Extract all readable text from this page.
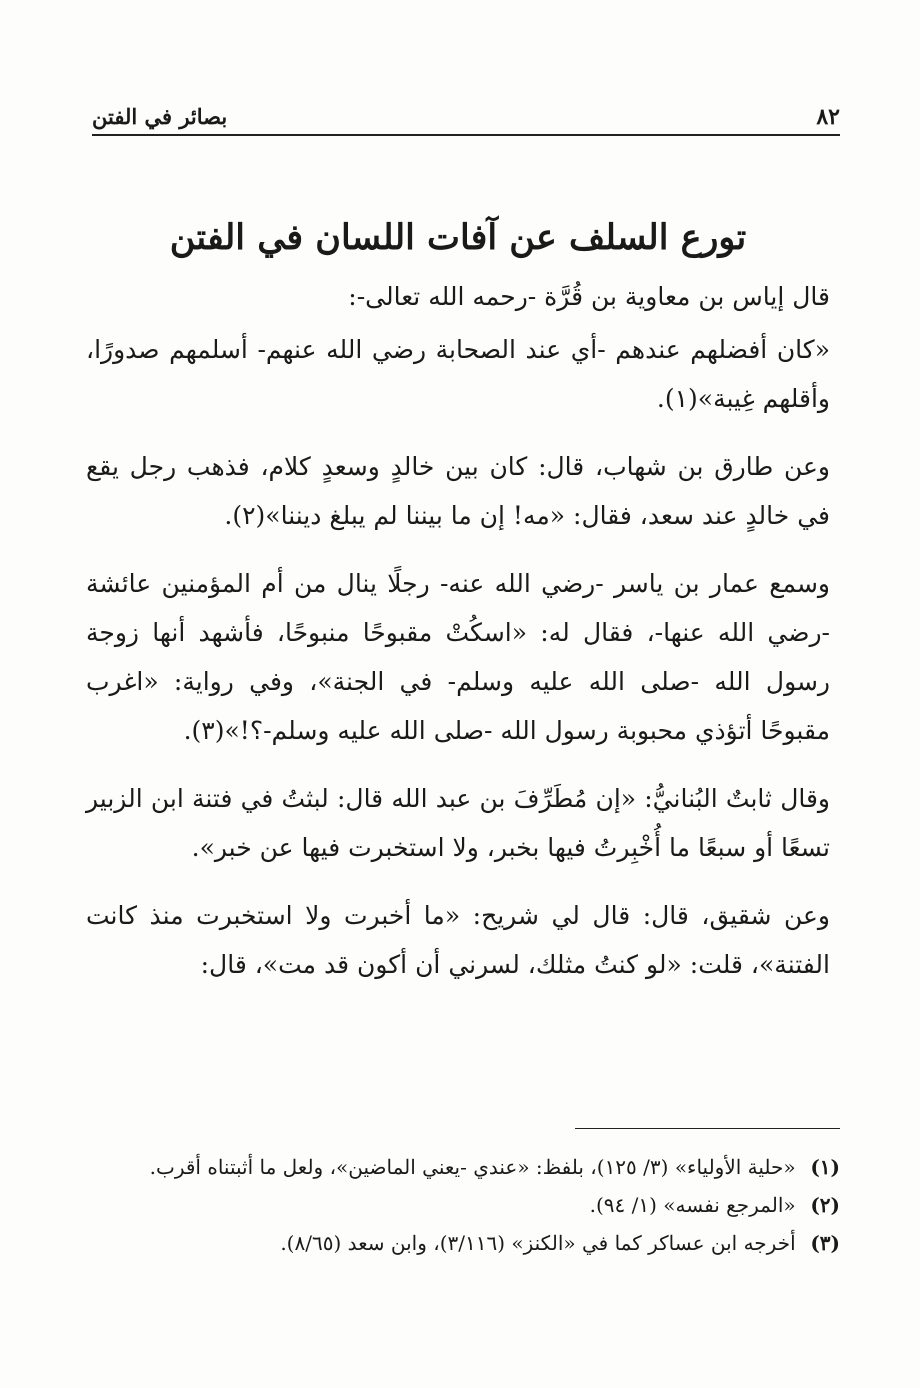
٨٢
بصائر في الفتن
تورع السلف عن آفات اللسان في الفتن

قال إياس بن معاوية بن قُرَّة -رحمه الله تعالى-:

«كان أفضلهم عندهم -أي عند الصحابة رضي الله عنهم- أسلمهم صدورًا، وأقلهم غِيبة»(١).

وعن طارق بن شهاب، قال: كان بين خالدٍ وسعدٍ كلام، فذهب رجل يقع في خالدٍ عند سعد، فقال: «مه! إن ما بيننا لم يبلغ ديننا»(٢).

وسمع عمار بن ياسر -رضي الله عنه- رجلًا ينال من أم المؤمنين عائشة -رضي الله عنها-، فقال له: «اسكُتْ مقبوحًا منبوحًا، فأشهد أنها زوجة رسول الله -صلى الله عليه وسلم- في الجنة»، وفي رواية: «اغرب مقبوحًا أتؤذي محبوبة رسول الله -صلى الله عليه وسلم-؟!»(٣).

وقال ثابتٌ البُنانيُّ: «إن مُطَرِّفَ بن عبد الله قال: لبثتُ في فتنة ابن الزبير تسعًا أو سبعًا ما أُخْبِرتُ فيها بخبر، ولا استخبرت فيها عن خبر».

وعن شقيق، قال: قال لي شريح: «ما أخبرت ولا استخبرت منذ كانت الفتنة»، قلت: «لو كنتُ مثلك، لسرني أن أكون قد مت»، قال:

(١) «حلية الأولياء» (٣/ ١٢٥)، بلفظ: «عندي -يعني الماضين»، ولعل ما أثبتناه أقرب.
(٢) «المرجع نفسه» (١/ ٩٤).
(٣) أخرجه ابن عساكر كما في «الكنز» (٣/١١٦)، وابن سعد (٨/٦٥).
